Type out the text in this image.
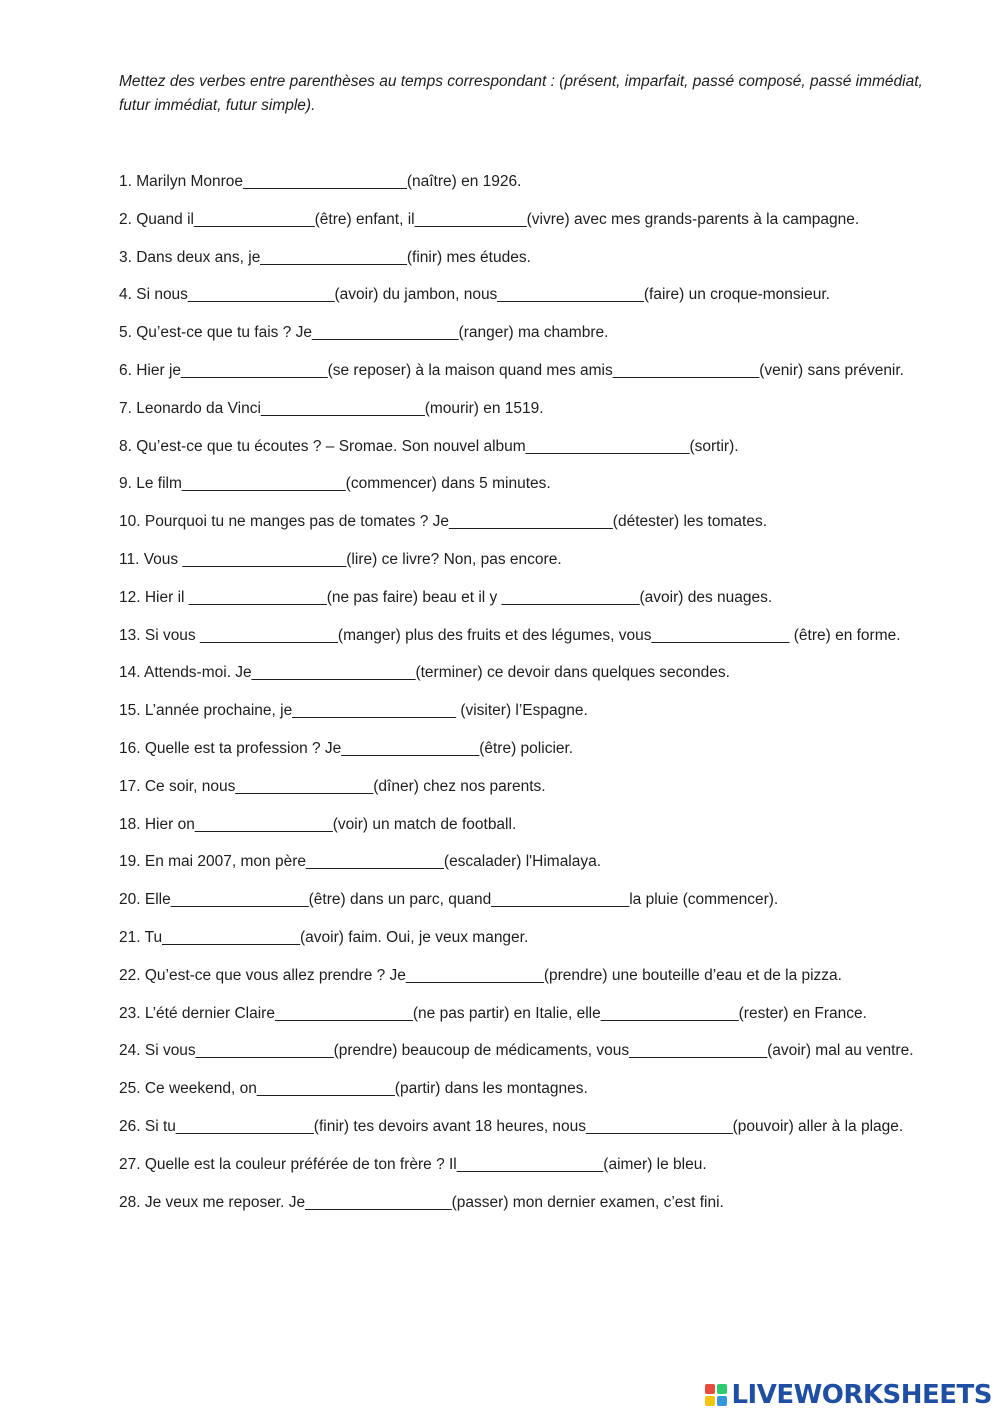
Mettez des verbes entre parenthèses au temps correspondant : (présent, imparfait, passé composé, passé immédiat, futur immédiat, futur simple).

1. Marilyn Monroe___________________(naître) en 1926.

2. Quand il______________(être) enfant, il_____________(vivre) avec mes grands-parents à la campagne.

3. Dans deux ans, je_________________(finir) mes études.

4. Si nous_________________(avoir) du jambon, nous_________________(faire) un croque-monsieur.

5. Qu’est-ce que tu fais ? Je_________________(ranger) ma chambre.

6. Hier je_________________(se reposer) à la maison quand mes amis_________________(venir) sans prévenir.

7. Leonardo da Vinci___________________(mourir) en 1519.

8. Qu’est-ce que tu écoutes ? – Sromae. Son nouvel album___________________(sortir).

9. Le film___________________(commencer) dans 5 minutes.

10. Pourquoi tu ne manges pas de tomates ? Je___________________(détester) les tomates.

11. Vous ___________________(lire) ce livre? Non, pas encore.

12. Hier il ________________(ne pas faire) beau et il y ________________(avoir) des nuages.

13. Si vous ________________(manger) plus des fruits et des légumes, vous________________ (être) en forme.

14. Attends-moi. Je___________________(terminer) ce devoir dans quelques secondes.

15. L’année prochaine, je___________________ (visiter) l’Espagne.

16. Quelle est ta profession ? Je________________(être) policier.

17. Ce soir, nous________________(dîner) chez nos parents.

18. Hier on________________(voir) un match de football.

19. En mai 2007, mon père________________(escalader) l'Himalaya.

20. Elle________________(être) dans un parc, quand________________la pluie (commencer).

21. Tu________________(avoir) faim. Oui, je veux manger.

22. Qu’est-ce que vous allez prendre ? Je________________(prendre) une bouteille d’eau et de la pizza.

23. L’été dernier Claire________________(ne pas partir) en Italie, elle________________(rester) en France.

24. Si vous________________(prendre) beaucoup de médicaments, vous________________(avoir) mal au ventre.

25. Ce weekend, on________________(partir) dans les montagnes.

26. Si tu________________(finir) tes devoirs avant 18 heures, nous_________________(pouvoir) aller à la plage.

27. Quelle est la couleur préférée de ton frère ? Il_________________(aimer) le bleu.

28. Je veux me reposer. Je_________________(passer) mon dernier examen, c’est fini.

LIVEWORKSHEETS
